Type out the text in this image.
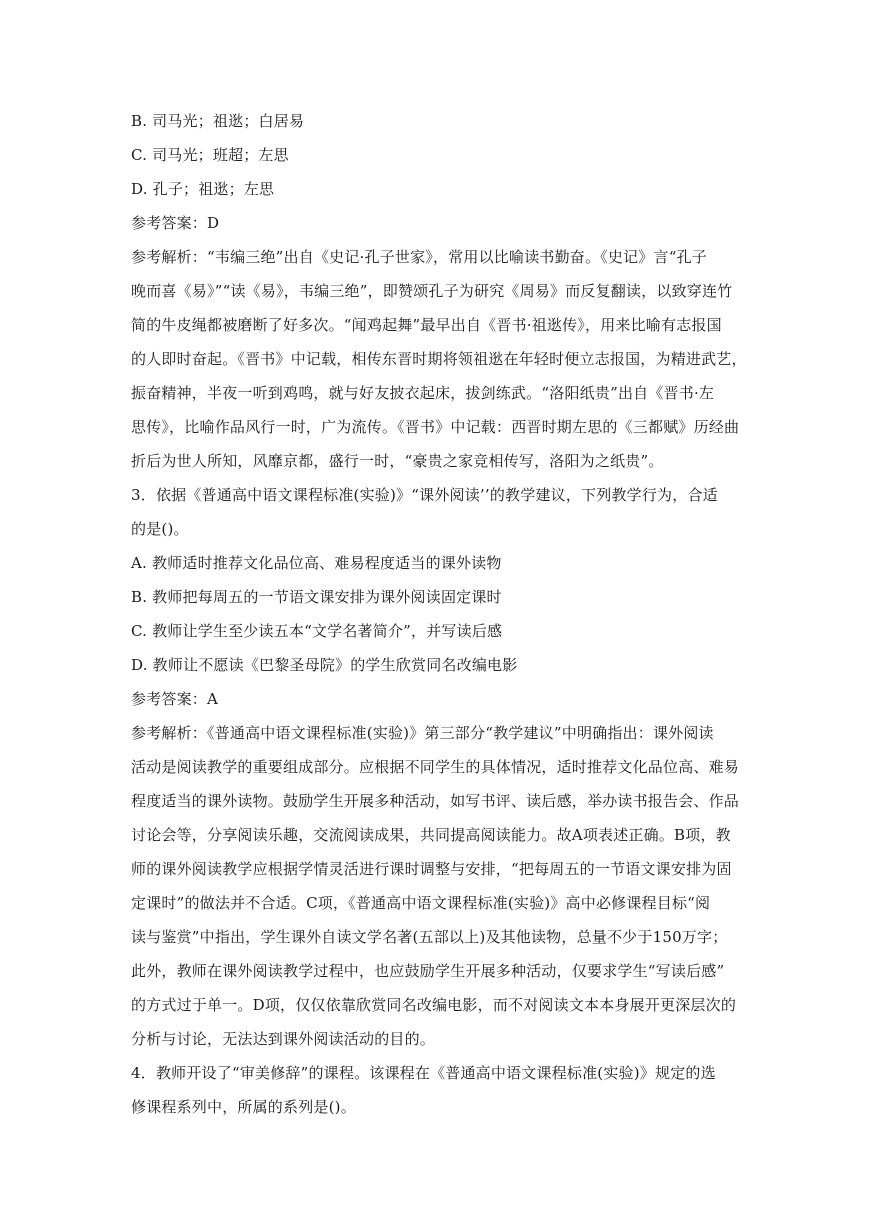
B. 司马光；祖逖；白居易
C. 司马光；班超；左思
D. 孔子；祖逖；左思
参考答案：D
参考解析：“韦编三绝”出自《史记·孔子世家》，常用以比喻读书勤奋。《史记》言“孔子
晚而喜《易》”“读《易》，韦编三绝”，即赞颂孔子为研究《周易》而反复翻读，以致穿连竹
简的牛皮绳都被磨断了好多次。“闻鸡起舞”最早出自《晋书·祖逖传》，用来比喻有志报国
的人即时奋起。《晋书》中记载，相传东晋时期将领祖逖在年轻时便立志报国，为精进武艺，
振奋精神，半夜一听到鸡鸣，就与好友披衣起床，拔剑练武。“洛阳纸贵”出自《晋书·左
思传》，比喻作品风行一时，广为流传。《晋书》中记载：西晋时期左思的《三都赋》历经曲
折后为世人所知，风靡京都，盛行一时，“豪贵之家竞相传写，洛阳为之纸贵”。
3．依据《普通高中语文课程标准(实验)》“课外阅读’’的教学建议，下列教学行为，合适
的是()。
A. 教师适时推荐文化品位高、难易程度适当的课外读物
B. 教师把每周五的一节语文课安排为课外阅读固定课时
C. 教师让学生至少读五本“文学名著简介”，并写读后感
D. 教师让不愿读《巴黎圣母院》的学生欣赏同名改编电影
参考答案：A
参考解析：《普通高中语文课程标准(实验)》第三部分“教学建议”中明确指出：课外阅读
活动是阅读教学的重要组成部分。应根据不同学生的具体情况，适时推荐文化品位高、难易
程度适当的课外读物。鼓励学生开展多种活动，如写书评、读后感，举办读书报告会、作品
讨论会等，分享阅读乐趣，交流阅读成果，共同提高阅读能力。故A项表述正确。B项，教
师的课外阅读教学应根据学情灵活进行课时调整与安排，“把每周五的一节语文课安排为固
定课时”的做法并不合适。C项，《普通高中语文课程标准(实验)》高中必修课程目标“阅
读与鉴赏”中指出，学生课外自读文学名著(五部以上)及其他读物，总量不少于150万字；
此外，教师在课外阅读教学过程中，也应鼓励学生开展多种活动，仅要求学生“写读后感”
的方式过于单一。D项，仅仅依靠欣赏同名改编电影，而不对阅读文本本身展开更深层次的
分析与讨论，无法达到课外阅读活动的目的。
4．教师开设了“审美修辞”的课程。该课程在《普通高中语文课程标准(实验)》规定的选
修课程系列中，所属的系列是()。
